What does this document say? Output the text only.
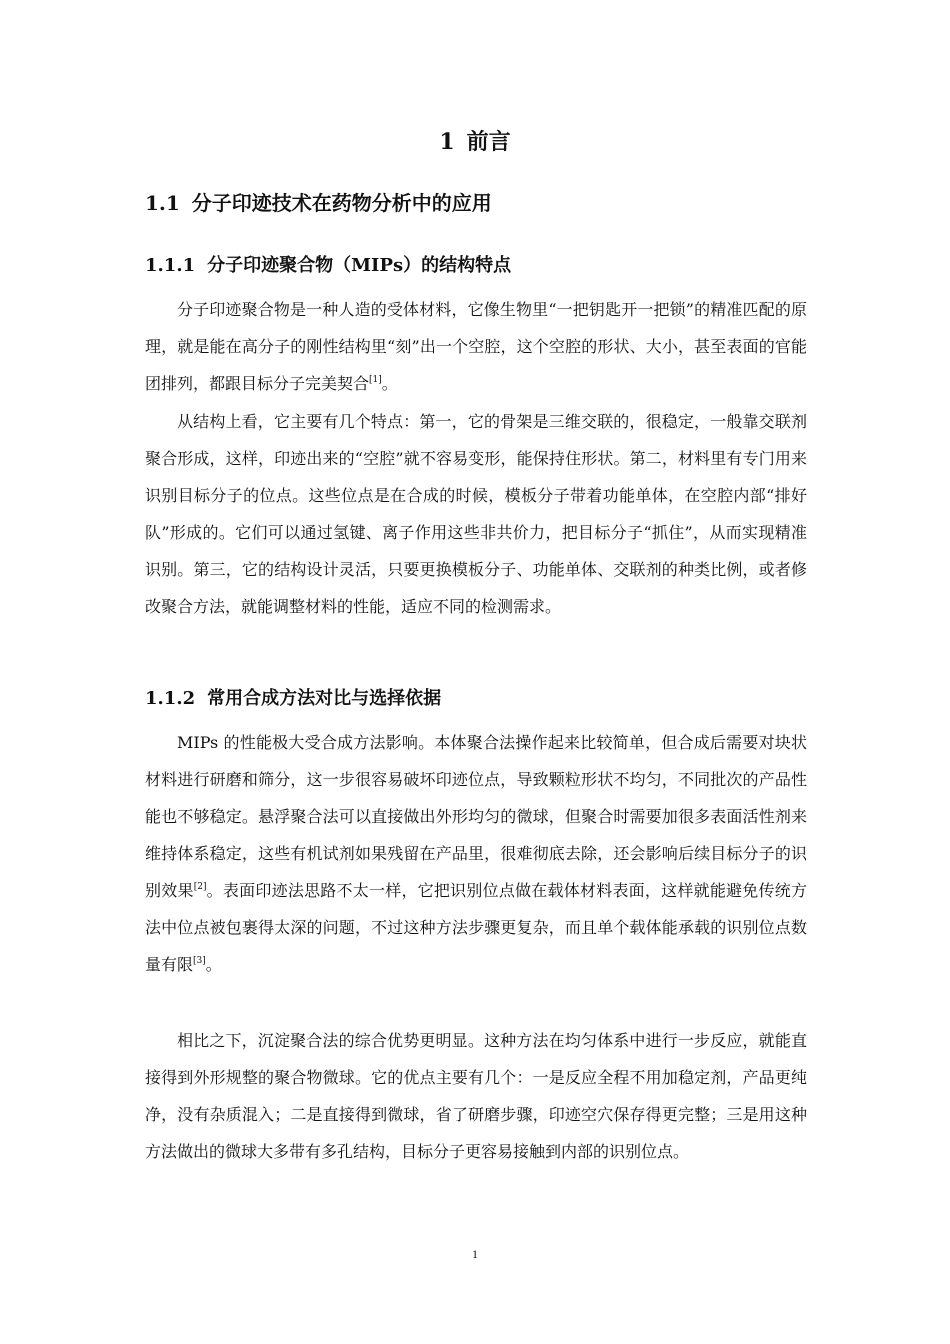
1 前言
1.1 分子印迹技术在药物分析中的应用
1.1.1 分子印迹聚合物（MIPs）的结构特点
分子印迹聚合物是一种人造的受体材料，它像生物里“一把钥匙开一把锁”的精准匹配的原理，就是能在高分子的刚性结构里“刻”出一个空腔，这个空腔的形状、大小，甚至表面的官能团排列，都跟目标分子完美契合[1]。
从结构上看，它主要有几个特点：第一，它的骨架是三维交联的，很稳定，一般靠交联剂聚合形成，这样，印迹出来的“空腔”就不容易变形，能保持住形状。第二，材料里有专门用来识别目标分子的位点。这些位点是在合成的时候，模板分子带着功能单体，在空腔内部“排好队”形成的。它们可以通过氢键、离子作用这些非共价力，把目标分子“抓住”，从而实现精准识别。第三，它的结构设计灵活，只要更换模板分子、功能单体、交联剂的种类比例，或者修改聚合方法，就能调整材料的性能，适应不同的检测需求。
1.1.2 常用合成方法对比与选择依据
MIPs 的性能极大受合成方法影响。本体聚合法操作起来比较简单，但合成后需要对块状材料进行研磨和筛分，这一步很容易破坏印迹位点，导致颗粒形状不均匀，不同批次的产品性能也不够稳定。悬浮聚合法可以直接做出外形均匀的微球，但聚合时需要加很多表面活性剂来维持体系稳定，这些有机试剂如果残留在产品里，很难彻底去除，还会影响后续目标分子的识别效果[2]。表面印迹法思路不太一样，它把识别位点做在载体材料表面，这样就能避免传统方法中位点被包裹得太深的问题，不过这种方法步骤更复杂，而且单个载体能承载的识别位点数量有限[3]。
相比之下，沉淀聚合法的综合优势更明显。这种方法在均匀体系中进行一步反应，就能直接得到外形规整的聚合物微球。它的优点主要有几个：一是反应全程不用加稳定剂，产品更纯净，没有杂质混入；二是直接得到微球，省了研磨步骤，印迹空穴保存得更完整；三是用这种方法做出的微球大多带有多孔结构，目标分子更容易接触到内部的识别位点。
1
